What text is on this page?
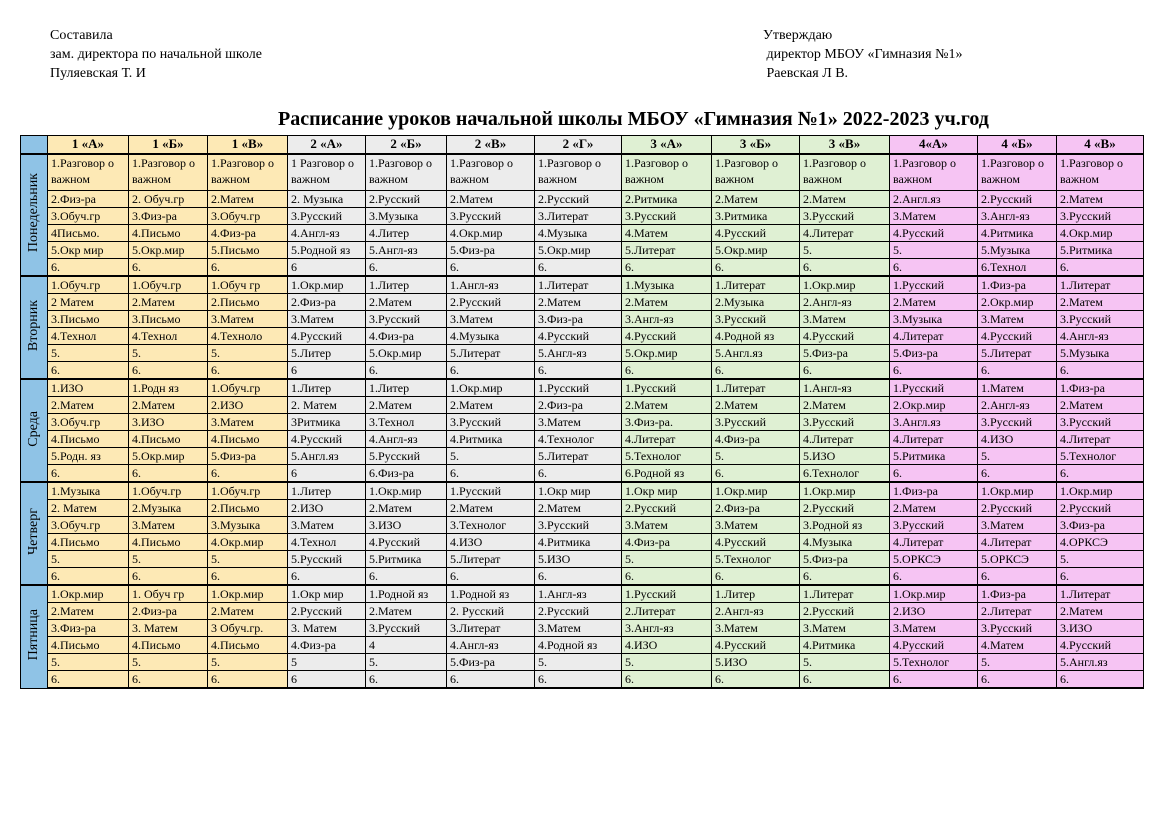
Составила
зам. директора по начальной школе
Пуляевская Т. И
Утверждаю
директор МБОУ «Гимназия №1»
Раевская Л В.
Расписание уроков начальной школы МБОУ «Гимназия №1» 2022-2023 уч.год
	1 «А»	1 «Б»	1 «В»	2 «А»	2 «Б»	2 «В»	2 «Г»	3 «А»	3 «Б»	3 «В»	4«А»	4 «Б»	4 «В»
Понедельник	1.Разговор о важном	1.Разговор о важном	1.Разговор о важном	1 Разговор о важном	1.Разговор о важном	1.Разговор о важном	1.Разговор о важном	1.Разговор о важном	1.Разговор о важном	1.Разговор о важном	1.Разговор о важном	1.Разговор о важном	1.Разговор о важном
	2.Физ-ра	2. Обуч.гр	2.Матем	2. Музыка	2.Русский	2.Матем	2.Русский	2.Ритмика	2.Матем	2.Матем	2.Англ.яз	2.Русский	2.Матем
	3.Обуч.гр	3.Физ-ра	3.Обуч.гр	3.Русский	3.Музыка	3.Русский	3.Литерат	3.Русский	3.Ритмика	3.Русский	3.Матем	3.Англ-яз	3.Русский
	4Письмо.	4.Письмо	4.Физ-ра	4.Англ-яз	4.Литер	4.Окр.мир	4.Музыка	4.Матем	4.Русский	4.Литерат	4.Русский	4.Ритмика	4.Окр.мир
	5.Окр мир	5.Окр.мир	5.Письмо	5.Родной яз	5.Англ-яз	5.Физ-ра	5.Окр.мир	5.Литерат	5.Окр.мир	5.	5.	5.Музыка	5.Ритмика
	6.	6.	6.	6	6.	6.	6.	6.	6.	6.	6.	6.Технол	6.
Вторник	1.Обуч.гр	1.Обуч.гр	1.Обуч гр	1.Окр.мир	1.Литер	1.Англ-яз	1.Литерат	1.Музыка	1.Литерат	1.Окр.мир	1.Русский	1.Физ-ра	1.Литерат
	2 Матем	2.Матем	2.Письмо	2.Физ-ра	2.Матем	2.Русский	2.Матем	2.Матем	2.Музыка	2.Англ-яз	2.Матем	2.Окр.мир	2.Матем
	3.Письмо	3.Письмо	3.Матем	3.Матем	3.Русский	3.Матем	3.Физ-ра	3.Англ-яз	3.Русский	3.Матем	3.Музыка	3.Матем	3.Русский
	4.Технол	4.Технол	4.Техноло	4.Русский	4.Физ-ра	4.Музыка	4.Русский	4.Русский	4.Родной яз	4.Русский	4.Литерат	4.Русский	4.Англ-яз
	5.	5.	5.	5.Литер	5.Окр.мир	5.Литерат	5.Англ-яз	5.Окр.мир	5.Англ.яз	5.Физ-ра	5.Физ-ра	5.Литерат	5.Музыка
	6.	6.	6.	6	6.	6.	6.	6.	6.	6.	6.	6.	6.
Среда	1.ИЗО	1.Родн яз	1.Обуч.гр	1.Литер	1.Литер	1.Окр.мир	1.Русский	1.Русский	1.Литерат	1.Англ-яз	1.Русский	1.Матем	1.Физ-ра
	2.Матем	2.Матем	2.ИЗО	2. Матем	2.Матем	2.Матем	2.Физ-ра	2.Матем	2.Матем	2.Матем	2.Окр.мир	2.Англ-яз	2.Матем
	3.Обуч.гр	3.ИЗО	3.Матем	3Ритмика	3.Технол	3.Русский	3.Матем	3.Физ-ра.	3.Русский	3.Русский	3.Англ.яз	3.Русский	3.Русский
	4.Письмо	4.Письмо	4.Письмо	4.Русский	4.Англ-яз	4.Ритмика	4.Технолог	4.Литерат	4.Физ-ра	4.Литерат	4.Литерат	4.ИЗО	4.Литерат
	5.Родн. яз	5.Окр.мир	5.Физ-ра	5.Англ.яз	5.Русский	5.	5.Литерат	5.Технолог	5.	5.ИЗО	5.Ритмика	5.	5.Технолог
	6.	6.	6.	6	6.Физ-ра	6.	6.	6.Родной яз	6.	6.Технолог	6.	6.	6.
Четверг	1.Музыка	1.Обуч.гр	1.Обуч.гр	1.Литер	1.Окр.мир	1.Русский	1.Окр мир	1.Окр мир	1.Окр.мир	1.Окр.мир	1.Физ-ра	1.Окр.мир	1.Окр.мир
	2. Матем	2.Музыка	2.Письмо	2.ИЗО	2.Матем	2.Матем	2.Матем	2.Русский	2.Физ-ра	2.Русский	2.Матем	2.Русский	2.Русский
	3.Обуч.гр	3.Матем	3.Музыка	3.Матем	3.ИЗО	3.Технолог	3.Русский	3.Матем	3.Матем	3.Родной яз	3.Русский	3.Матем	3.Физ-ра
	4.Письмо	4.Письмо	4.Окр.мир	4.Технол	4.Русский	4.ИЗО	4.Ритмика	4.Физ-ра	4.Русский	4.Музыка	4.Литерат	4.Литерат	4.ОРКСЭ
	5.	5.	5.	5.Русский	5.Ритмика	5.Литерат	5.ИЗО	5.	5.Технолог	5.Физ-ра	5.ОРКСЭ	5.ОРКСЭ	5.
	6.	6.	6.	6.	6.	6.	6.	6.	6.	6.	6.	6.	6.
Пятница	1.Окр.мир	1. Обуч гр	1.Окр.мир	1.Окр мир	1.Родной яз	1.Родной яз	1.Англ-яз	1.Русский	1.Литер	1.Литерат	1.Окр.мир	1.Физ-ра	1.Литерат
	2.Матем	2.Физ-ра	2.Матем	2.Русский	2.Матем	2. Русский	2.Русский	2.Литерат	2.Англ-яз	2.Русский	2.ИЗО	2.Литерат	2.Матем
	3.Физ-ра	3. Матем	3 Обуч.гр.	3. Матем	3.Русский	3.Литерат	3.Матем	3.Англ-яз	3.Матем	3.Матем	3.Матем	3.Русский	3.ИЗО
	4.Письмо	4.Письмо	4.Письмо	4.Физ-ра	4	4.Англ-яз	4.Родной яз	4.ИЗО	4.Русский	4.Ритмика	4.Русский	4.Матем	4.Русский
	5.	5.	5.	5	5.	5.Физ-ра	5.	5.	5.ИЗО	5.	5.Технолог	5.	5.Англ.яз
	6.	6.	6.	6	6.	6.	6.	6.	6.	6.	6.	6.	6.
